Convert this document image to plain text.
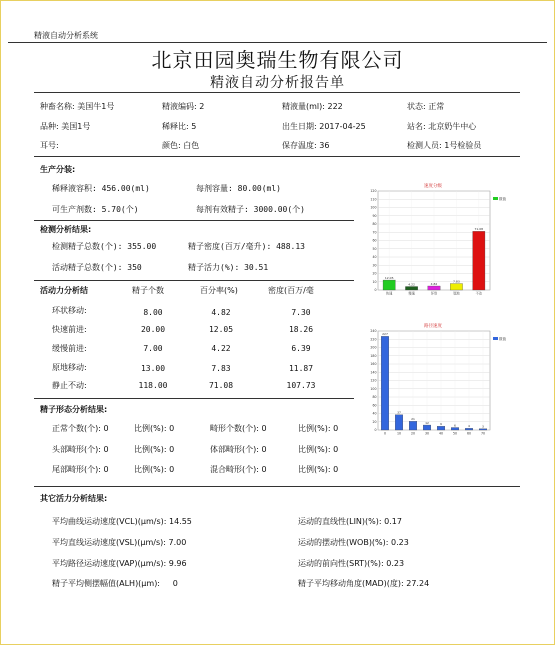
精液自动分析系统
北京田园奥瑞生物有限公司
精液自动分析报告单
种畜名称: 美国牛1号	精液编码: 2	精液量(ml): 222	状态: 正常
品种: 美国1号	稀释比: 5	出生日期: 2017-04-25	站名: 北京奶牛中心
耳号:	颜色: 白色	保存温度: 36	检测人员: 1号检验员
生产分装:
稀释液容积: 456.00(ml)	每剂容量: 80.00(ml)
可生产剂数: 5.70(个)	每剂有效精子: 3000.00(个)
检测分析结果:
检测精子总数(个): 355.00	精子密度(百万/毫升): 488.13
活动精子总数(个): 350	精子活力(%): 30.51
活动力分析结	精子个数	百分率(%)	密度(百万/毫
环状移动:	8.00	4.82	7.30
快速前进:	20.00	12.05	18.26
缓慢前进:	7.00	4.22	6.39
原地移动:	13.00	7.83	11.87
静止不动:	118.00	71.08	107.73
精子形态分析结果:
正常个数(个): 0	比例(%): 0	畸形个数(个): 0	比例(%): 0
头部畸形(个): 0	比例(%): 0	体部畸形(个): 0	比例(%): 0
尾部畸形(个): 0	比例(%): 0	混合畸形(个): 0	比例(%): 0
其它活力分析结果:
平均曲线运动速度(VCL)(μm/s): 14.55	运动的直线性(LIN)(%): 0.17
平均直线运动速度(VSL)(μm/s): 7.00	运动的摆动性(WOB)(%): 0.23
平均路径运动速度(VAP)(μm/s): 9.96	运动的前向性(SRT)(%): 0.23
精子平均侧摆幅值(ALH)(μm):     0	精子平均移动角度(MAD)(度): 27.24
速度分级
数值
0
10
20
30
40
50
60
70
80
90
100
110
120
12.05
快速
4.22
慢速
4.82
环形
7.83
原地
71.08
不动
路径速度
数值
0
20
40
60
80
100
120
140
160
180
200
220
240
227
0
37
10
21
20
12
30
9
40
6
50
4
60
3
70
